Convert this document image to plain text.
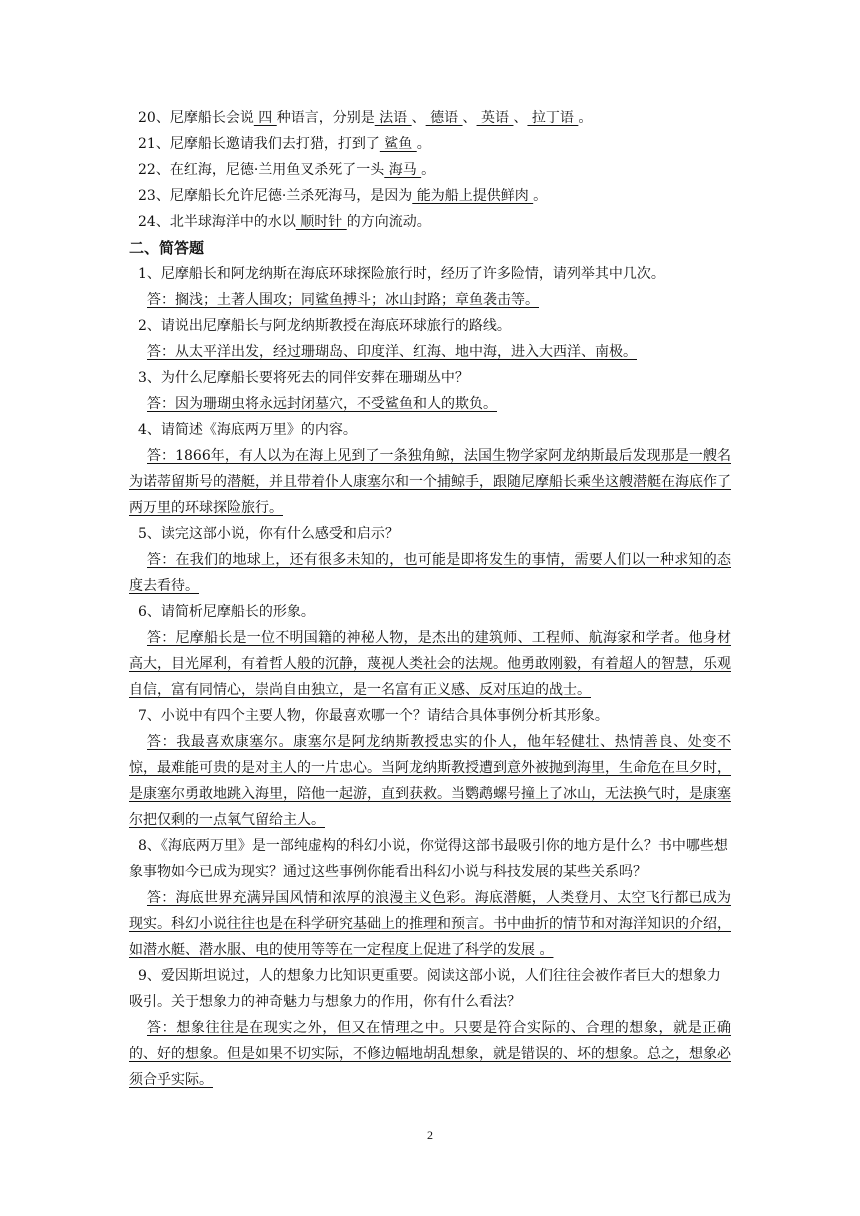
20、尼摩船长会说 四 种语言，分别是 法语 、 德语 、 英语 、 拉丁语 。
21、尼摩船长邀请我们去打猎，打到了 鲨鱼 。
22、在红海，尼德·兰用鱼叉杀死了一头 海马 。
23、尼摩船长允许尼德·兰杀死海马，是因为 能为船上提供鲜肉 。
24、北半球海洋中的水以 顺时针 的方向流动。
二、简答题
1、尼摩船长和阿龙纳斯在海底环球探险旅行时，经历了许多险情，请列举其中几次。
答：搁浅；土著人围攻；同鲨鱼搏斗；冰山封路；章鱼袭击等。
2、请说出尼摩船长与阿龙纳斯教授在海底环球旅行的路线。
答：从太平洋出发，经过珊瑚岛、印度洋、红海、地中海，进入大西洋、南极。
3、为什么尼摩船长要将死去的同伴安葬在珊瑚丛中？
答：因为珊瑚虫将永远封闭墓穴，不受鲨鱼和人的欺负。
4、请简述《海底两万里》的内容。
答：1866年，有人以为在海上见到了一条独角鲸，法国生物学家阿龙纳斯最后发现那是一艘名为诺蒂留斯号的潜艇，并且带着仆人康塞尔和一个捕鲸手，跟随尼摩船长乘坐这艘潜艇在海底作了两万里的环球探险旅行。
5、读完这部小说，你有什么感受和启示？
答：在我们的地球上，还有很多未知的，也可能是即将发生的事情，需要人们以一种求知的态度去看待。
6、请简析尼摩船长的形象。
答：尼摩船长是一位不明国籍的神秘人物，是杰出的建筑师、工程师、航海家和学者。他身材高大，目光犀利，有着哲人般的沉静，蔑视人类社会的法规。他勇敢刚毅，有着超人的智慧，乐观自信，富有同情心，崇尚自由独立，是一名富有正义感、反对压迫的战士。
7、小说中有四个主要人物，你最喜欢哪一个？请结合具体事例分析其形象。
答：我最喜欢康塞尔。康塞尔是阿龙纳斯教授忠实的仆人，他年轻健壮、热情善良、处变不惊，最难能可贵的是对主人的一片忠心。当阿龙纳斯教授遭到意外被抛到海里，生命危在旦夕时，是康塞尔勇敢地跳入海里，陪他一起游，直到获救。当鹦鹉螺号撞上了冰山，无法换气时，是康塞尔把仅剩的一点氧气留给主人。
8、《海底两万里》是一部纯虚构的科幻小说，你觉得这部书最吸引你的地方是什么？书中哪些想象事物如今已成为现实？通过这些事例你能看出科幻小说与科技发展的某些关系吗？
答：海底世界充满异国风情和浓厚的浪漫主义色彩。海底潜艇，人类登月、太空飞行都已成为现实。科幻小说往往也是在科学研究基础上的推理和预言。书中曲折的情节和对海洋知识的介绍，如潜水艇、潜水服、电的使用等等在一定程度上促进了科学的发展 。
9、爱因斯坦说过，人的想象力比知识更重要。阅读这部小说，人们往往会被作者巨大的想象力吸引。关于想象力的神奇魅力与想象力的作用，你有什么看法？
答：想象往往是在现实之外，但又在情理之中。只要是符合实际的、合理的想象，就是正确的、好的想象。但是如果不切实际，不修边幅地胡乱想象，就是错误的、坏的想象。总之，想象必须合乎实际。
2
